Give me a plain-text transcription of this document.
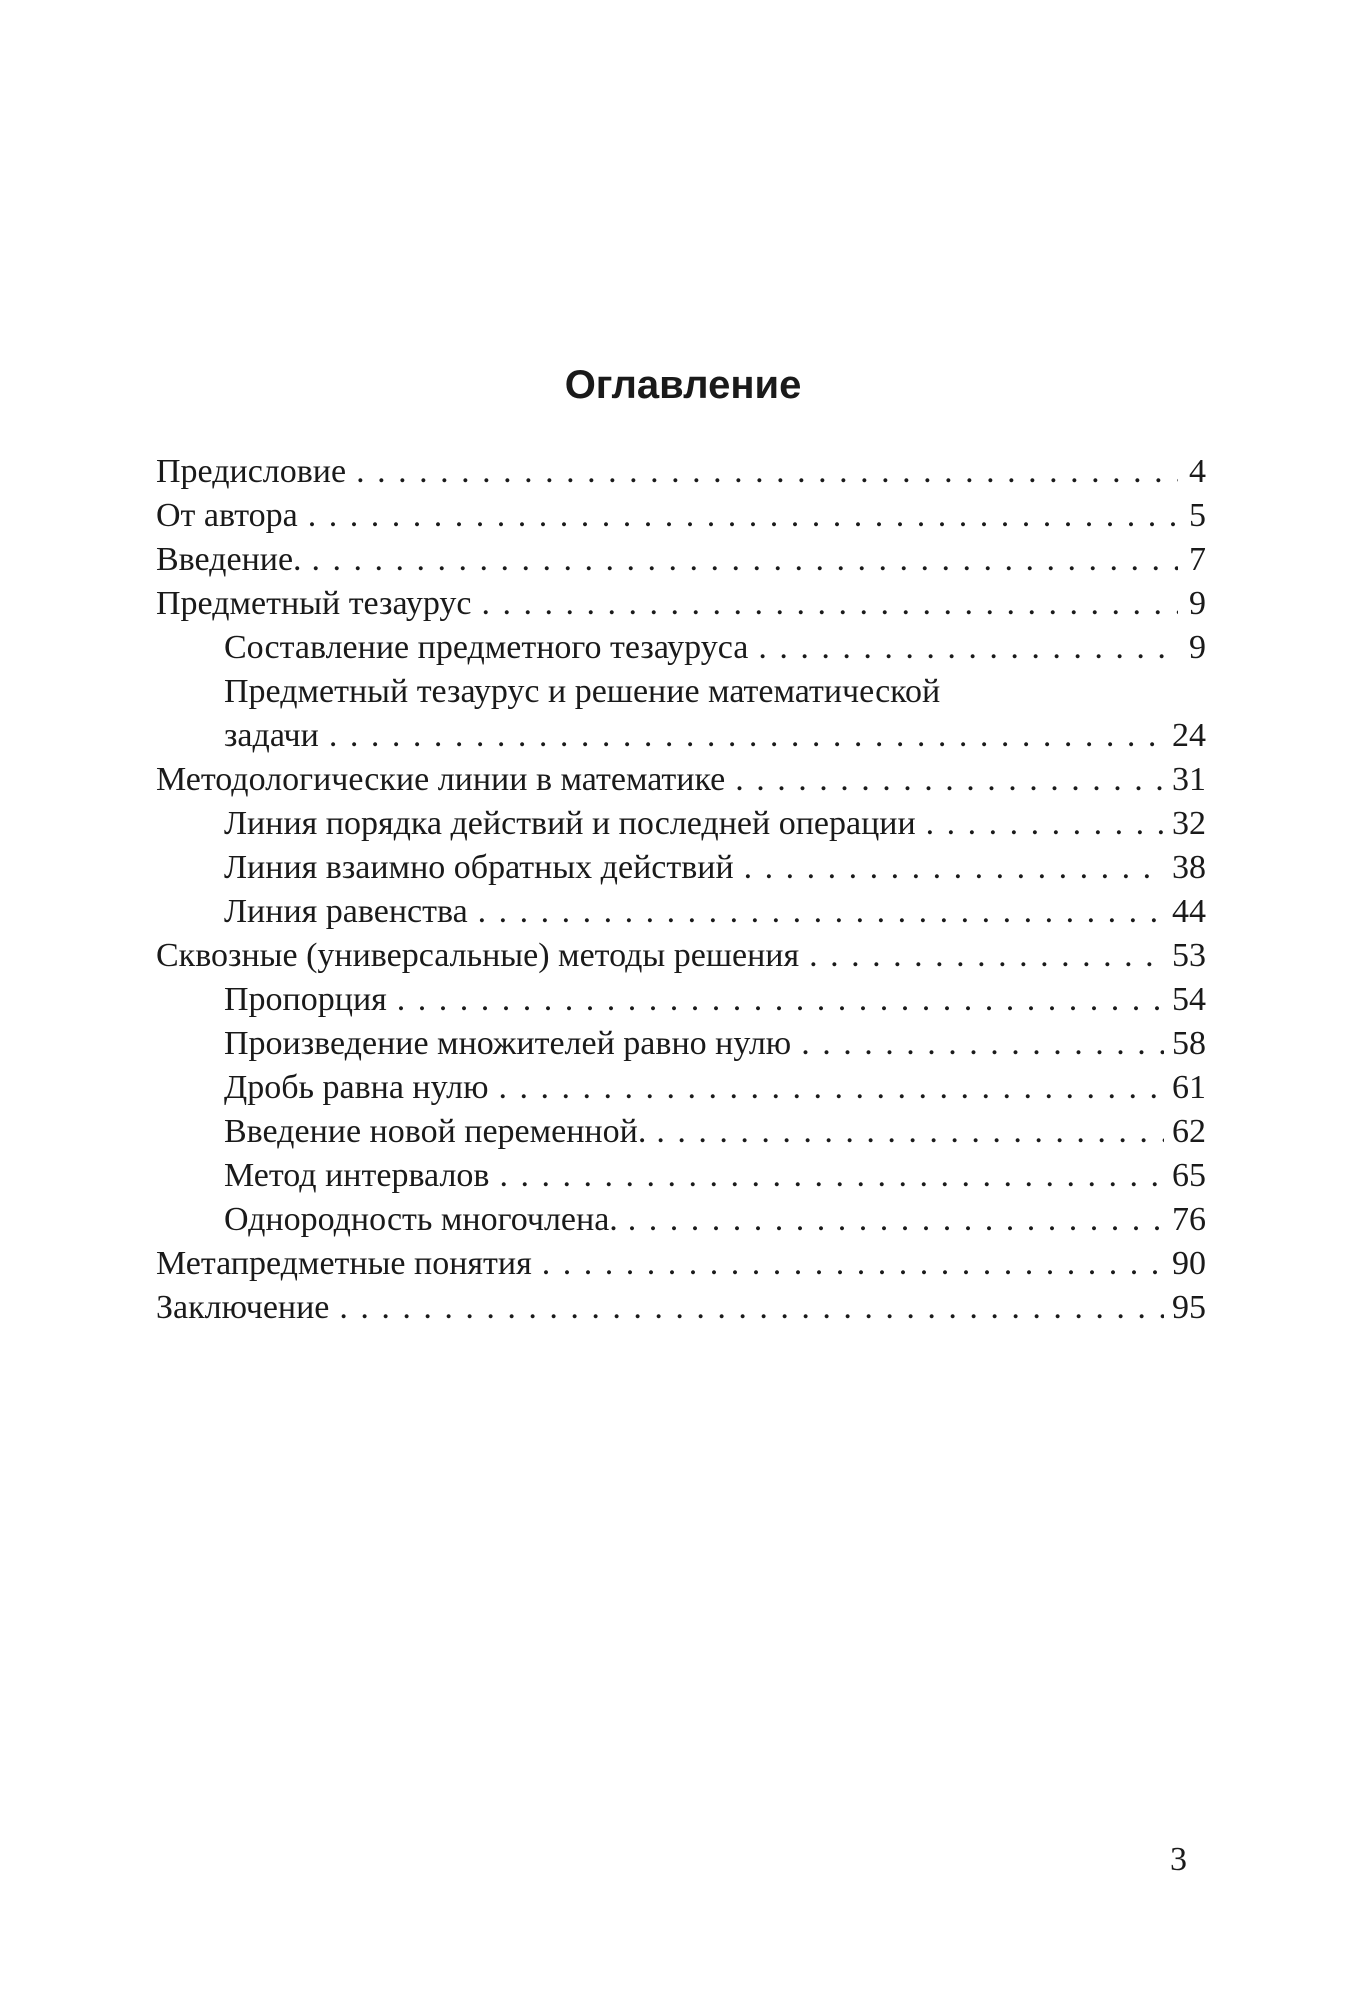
Оглавление
Предисловие . . .	4
От автора . . .	5
Введение. . . .	7
Предметный тезаурус . . .	9
Составление предметного тезауруса . . .	9
Предметный тезаурус и решение математической
задачи . . .	24
Методологические линии в математике . . .	31
Линия порядка действий и последней операции . . .	32
Линия взаимно обратных действий . . .	38
Линия равенства . . .	44
Сквозные (универсальные) методы решения . . .	53
Пропорция . . .	54
Произведение множителей равно нулю . . .	58
Дробь равна нулю . . .	61
Введение новой переменной. . . .	62
Метод интервалов . . .	65
Однородность многочлена. . . .	76
Метапредметные понятия . . .	90
Заключение . . .	95
3
